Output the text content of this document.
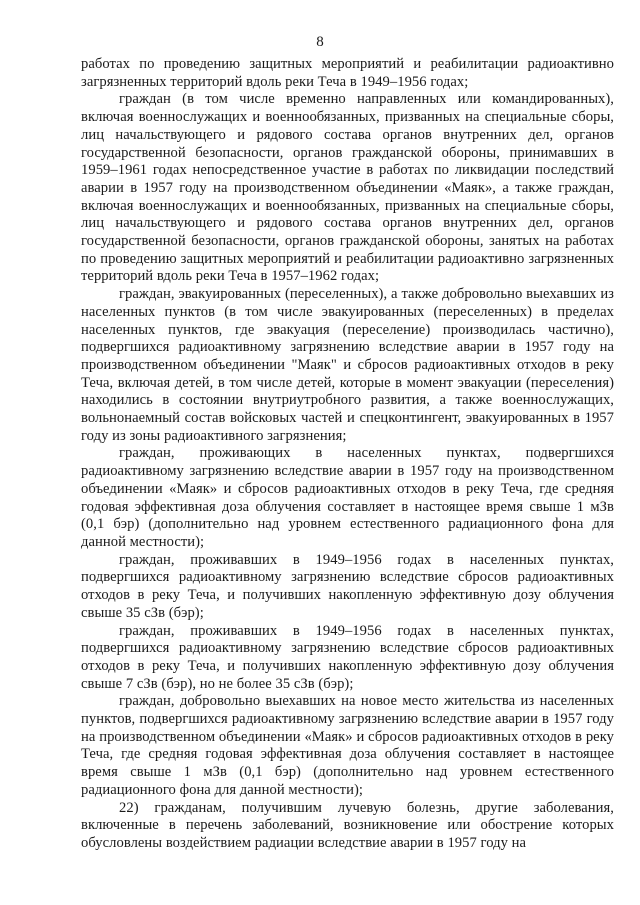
8

работах по проведению защитных мероприятий и реабилитации радиоактивно загрязненных территорий вдоль реки Теча в 1949–1956 годах;

граждан (в том числе временно направленных или командированных), включая военнослужащих и военнообязанных, призванных на специальные сборы, лиц начальствующего и рядового состава органов внутренних дел, органов государственной безопасности, органов гражданской обороны, принимавших в 1959–1961 годах непосредственное участие в работах по ликвидации последствий аварии в 1957 году на производственном объединении «Маяк», а также граждан, включая военнослужащих и военнообязанных, призванных на специальные сборы, лиц начальствующего и рядового состава органов внутренних дел, органов государственной безопасности, органов гражданской обороны, занятых на работах по проведению защитных мероприятий и реабилитации радиоактивно загрязненных территорий вдоль реки Теча в 1957–1962 годах;

граждан, эвакуированных (переселенных), а также добровольно выехавших из населенных пунктов (в том числе эвакуированных (переселенных) в пределах населенных пунктов, где эвакуация (переселение) производилась частично), подвергшихся радиоактивному загрязнению вследствие аварии в 1957 году на производственном объединении "Маяк" и сбросов радиоактивных отходов в реку Теча, включая детей, в том числе детей, которые в момент эвакуации (переселения) находились в состоянии внутриутробного развития, а также военнослужащих, вольнонаемный состав войсковых частей и спецконтингент, эвакуированных в 1957 году из зоны радиоактивного загрязнения;

граждан, проживающих в населенных пунктах, подвергшихся радиоактивному загрязнению вследствие аварии в 1957 году на производственном объединении «Маяк» и сбросов радиоактивных отходов в реку Теча, где средняя годовая эффективная доза облучения составляет в настоящее время свыше 1 мЗв (0,1 бэр) (дополнительно над уровнем естественного радиационного фона для данной местности);

граждан, проживавших в 1949–1956 годах в населенных пунктах, подвергшихся радиоактивному загрязнению вследствие сбросов радиоактивных отходов в реку Теча, и получивших накопленную эффективную дозу облучения свыше 35 сЗв (бэр);

граждан, проживавших в 1949–1956 годах в населенных пунктах, подвергшихся радиоактивному загрязнению вследствие сбросов радиоактивных отходов в реку Теча, и получивших накопленную эффективную дозу облучения свыше 7 сЗв (бэр), но не более 35 сЗв (бэр);

граждан, добровольно выехавших на новое место жительства из населенных пунктов, подвергшихся радиоактивному загрязнению вследствие аварии в 1957 году на производственном объединении «Маяк» и сбросов радиоактивных отходов в реку Теча, где средняя годовая эффективная доза облучения составляет в настоящее время свыше 1 мЗв (0,1 бэр) (дополнительно над уровнем естественного радиационного фона для данной местности);

22) гражданам, получившим лучевую болезнь, другие заболевания, включенные в перечень заболеваний, возникновение или обострение которых обусловлены воздействием радиации вследствие аварии в 1957 году на
